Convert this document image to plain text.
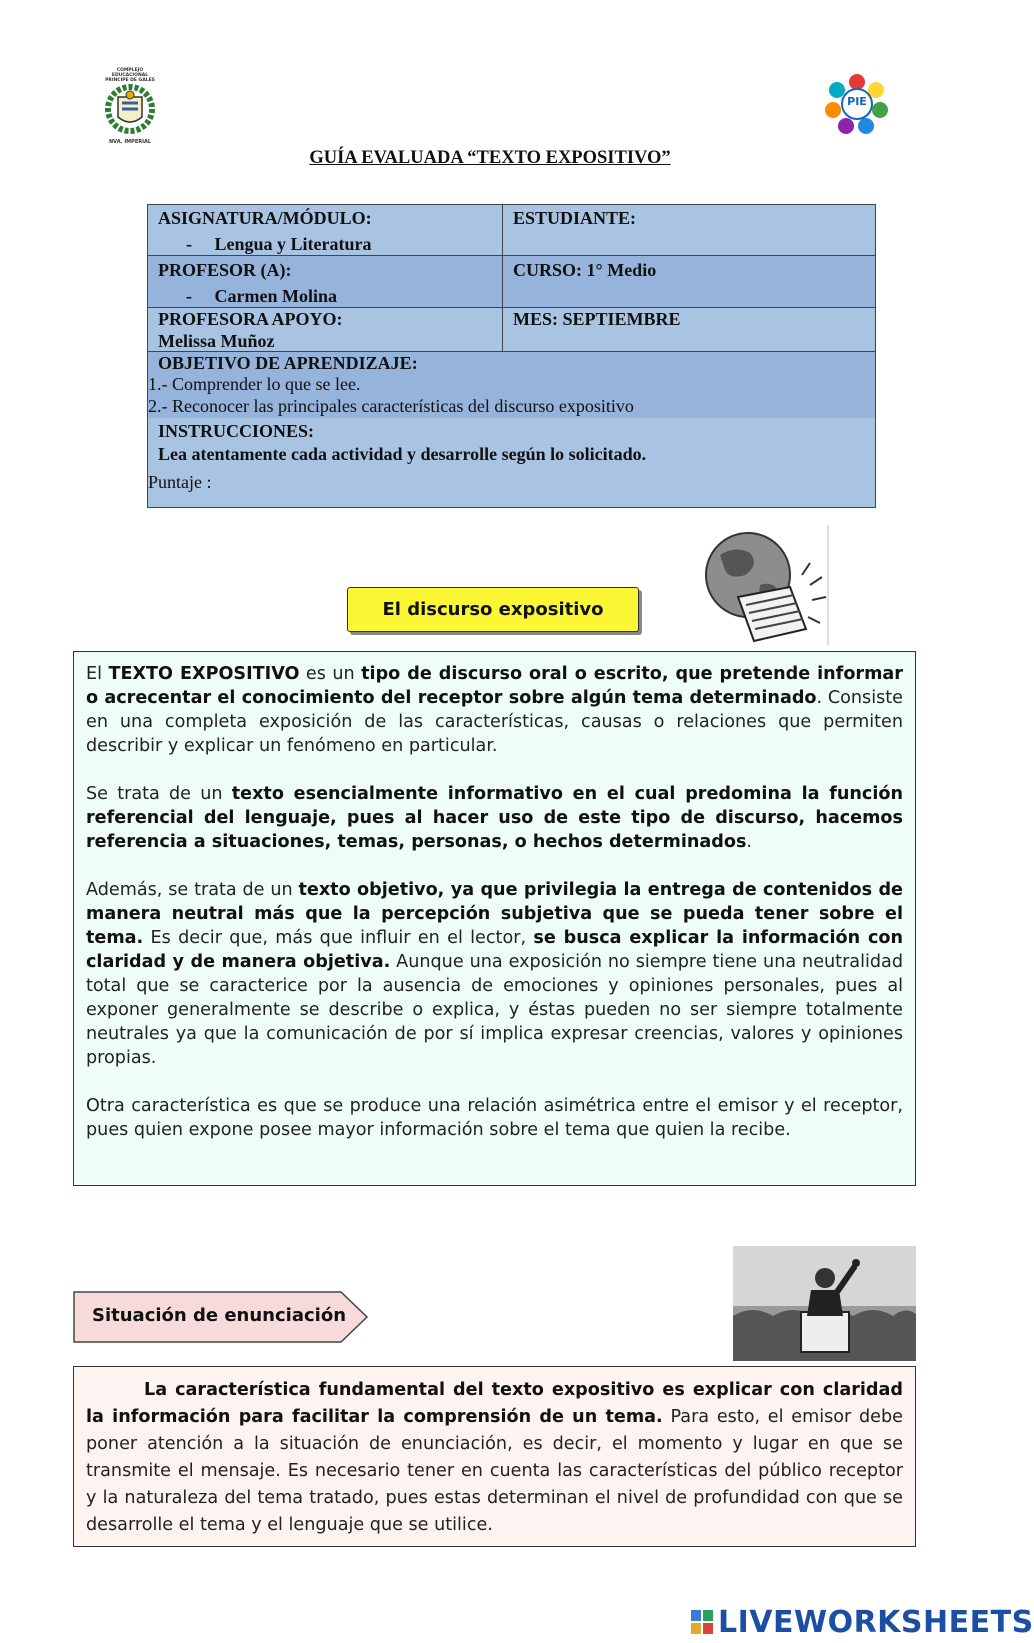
COMPLEJO EDUCACIONAL
PRINCIPE DE GALES
NVA. IMPERIAL
PIE
GUÍA EVALUADA “TEXTO EXPOSITIVO”
ASIGNATURA/MÓDULO:
-     Lengua y Literatura
ESTUDIANTE:
PROFESOR (A):
-     Carmen Molina
CURSO: 1° Medio
PROFESORA APOYO:
Melissa Muñoz
MES: SEPTIEMBRE
OBJETIVO DE APRENDIZAJE:
1.- Comprender lo que se lee.
2.- Reconocer las principales características del discurso expositivo
INSTRUCCIONES:
Lea atentamente cada actividad y desarrolle según lo solicitado.
Puntaje :
El discurso expositivo

El TEXTO EXPOSITIVO es un tipo de discurso oral o escrito, que pretende informar o acrecentar el conocimiento del receptor sobre algún tema determinado. Consiste en una completa exposición de las características, causas o relaciones que permiten describir y explicar un fenómeno en particular.

Se trata de un texto esencialmente informativo en el cual predomina la función referencial del lenguaje, pues al hacer uso de este tipo de discurso, hacemos referencia a situaciones, temas, personas, o hechos determinados.

Además, se trata de un texto objetivo, ya que privilegia la entrega de contenidos de manera neutral más que la percepción subjetiva que se pueda tener sobre el tema. Es decir que, más que influir en el lector, se busca explicar la información con claridad y de manera objetiva. Aunque una exposición no siempre tiene una neutralidad total que se caracterice por la ausencia de emociones y opiniones personales, pues al exponer generalmente se describe o explica, y éstas pueden no ser siempre totalmente neutrales ya que la comunicación de por sí implica expresar creencias, valores y opiniones propias.

Otra característica es que se produce una relación asimétrica entre el emisor y el receptor, pues quien expone posee mayor información sobre el tema que quien la recibe.

Situación de enunciación

La característica fundamental del texto expositivo es explicar con claridad la información para facilitar la comprensión de un tema. Para esto, el emisor debe poner atención a la situación de enunciación, es decir, el momento y lugar en que se transmite el mensaje. Es necesario tener en cuenta las características del público receptor y la naturaleza del tema tratado, pues estas determinan el nivel de profundidad con que se desarrolle el tema y el lenguaje que se utilice.

LIVEWORKSHEETS
